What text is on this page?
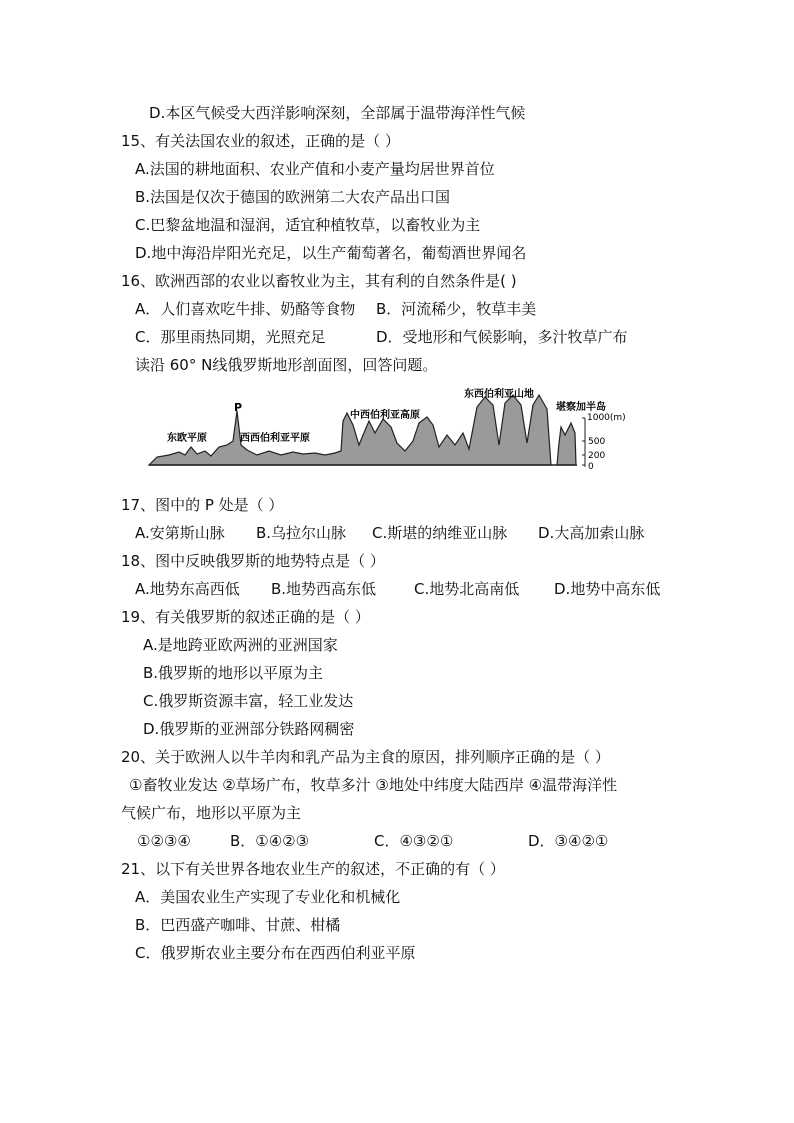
D.本区气候受大西洋影响深刻，全部属于温带海洋性气候
15、有关法国农业的叙述，正确的是（ ）
A.法国的耕地面积、农业产值和小麦产量均居世界首位
B.法国是仅次于德国的欧洲第二大农产品出口国
C.巴黎盆地温和湿润，适宜种植牧草，以畜牧业为主
D.地中海沿岸阳光充足，以生产葡萄著名，葡萄酒世界闻名
16、欧洲西部的农业以畜牧业为主，其有利的自然条件是( )
A．人们喜欢吃牛排、奶酪等食物 B．河流稀少，牧草丰美
C．那里雨热同期，光照充足	D．受地形和气候影响，多汁牧草广布
读沿 60° N线俄罗斯地形剖面图，回答问题。
东欧平原
P
西西伯利亚平原
中西伯利亚高原
东西伯利亚山地
堪察加半岛
1000(m)
500
200
0
17、图中的 P 处是（ ）
A.安第斯山脉 B.乌拉尔山脉 C.斯堪的纳维亚山脉 D.大高加索山脉
18、图中反映俄罗斯的地势特点是（ ）
A.地势东高西低 B.地势西高东低	C.地势北高南低 D.地势中高东低
19、有关俄罗斯的叙述正确的是（ ）
A.是地跨亚欧两洲的亚洲国家
B.俄罗斯的地形以平原为主
C.俄罗斯资源丰富，轻工业发达
D.俄罗斯的亚洲部分铁路网稠密
20、关于欧洲人以牛羊肉和乳产品为主食的原因，排列顺序正确的是（ ）
①畜牧业发达 ②草场广布，牧草多汁 ③地处中纬度大陆西岸 ④温带海洋性
气候广布，地形以平原为主
①②③④	B．①④②③	C．④③②①	D．③④②①
21、以下有关世界各地农业生产的叙述，不正确的有（ ）
A．美国农业生产实现了专业化和机械化
B．巴西盛产咖啡、甘蔗、柑橘
C．俄罗斯农业主要分布在西西伯利亚平原
